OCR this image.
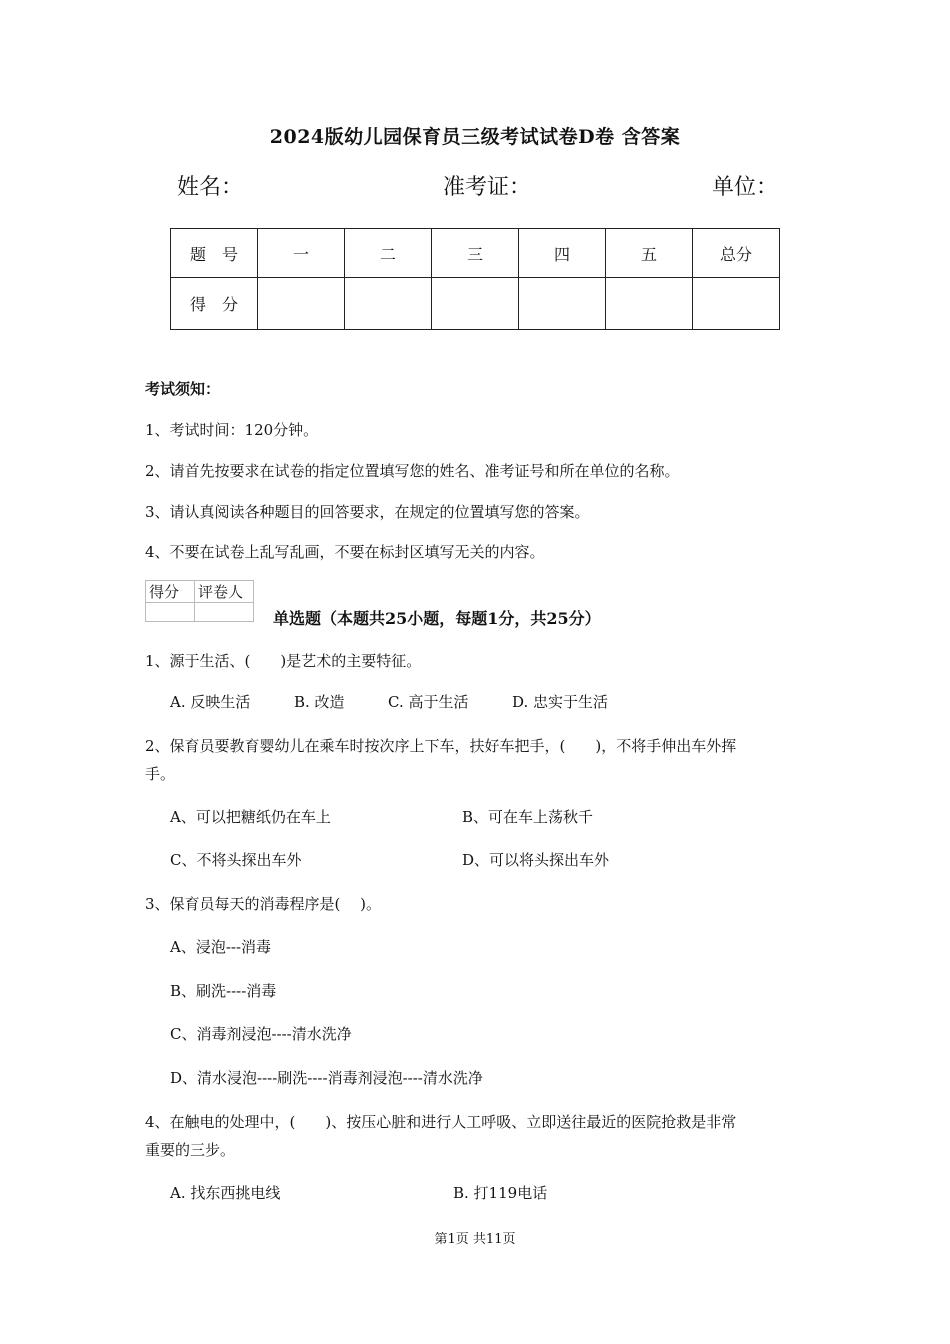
2024版幼儿园保育员三级考试试卷D卷 含答案
姓名：	准考证：	单位：
题　号	一	二	三	四	五	总分
得　分						
考试须知：
1、考试时间：120分钟。
2、请首先按要求在试卷的指定位置填写您的姓名、准考证号和所在单位的名称。
3、请认真阅读各种题目的回答要求，在规定的位置填写您的答案。
4、不要在试卷上乱写乱画，不要在标封区填写无关的内容。
得分	评卷人

单选题（本题共25小题，每题1分，共25分）
1、源于生活、(　　)是艺术的主要特征。
A. 反映生活	B. 改造	C. 高于生活	D. 忠实于生活
2、保育员要教育婴幼儿在乘车时按次序上下车，扶好车把手，(　　)，不将手伸出车外挥
手。
A、可以把糖纸仍在车上	B、可在车上荡秋千
C、不将头探出车外	D、可以将头探出车外
3、保育员每天的消毒程序是(　 )。
A、浸泡---消毒
B、刷洗----消毒
C、消毒剂浸泡----清水洗净
D、清水浸泡----刷洗----消毒剂浸泡----清水洗净
4、在触电的处理中，(　　)、按压心脏和进行人工呼吸、立即送往最近的医院抢救是非常
重要的三步。
A. 找东西挑电线	B. 打119电话
第1页 共11页
